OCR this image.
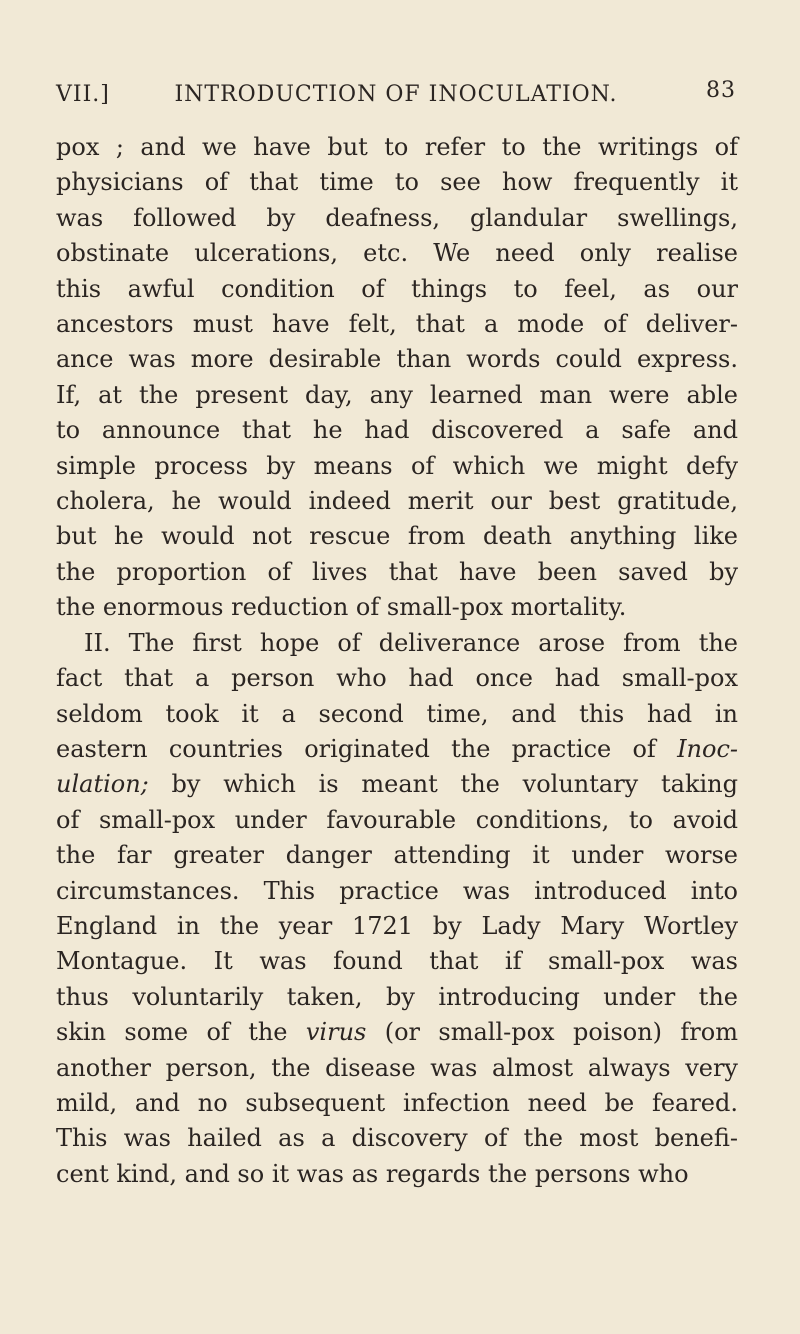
VII.]	INTRODUCTION OF INOCULATION.	83
pox ; and we have but to refer to the writings of
physicians of that time to see how frequently it
was followed by deafness, glandular swellings,
obstinate ulcerations, etc. We need only realise
this awful condition of things to feel, as our
ancestors must have felt, that a mode of deliver-
ance was more desirable than words could express.
If, at the present day, any learned man were able
to announce that he had discovered a safe and
simple process by means of which we might defy
cholera, he would indeed merit our best gratitude,
but he would not rescue from death anything like
the proportion of lives that have been saved by
the enormous reduction of small-pox mortality.
II. The first hope of deliverance arose from the
fact that a person who had once had small-pox
seldom took it a second time, and this had in
eastern countries originated the practice of Inoc-
ulation; by which is meant the voluntary taking
of small-pox under favourable conditions, to avoid
the far greater danger attending it under worse
circumstances. This practice was introduced into
England in the year 1721 by Lady Mary Wortley
Montague. It was found that if small-pox was
thus voluntarily taken, by introducing under the
skin some of the virus (or small-pox poison) from
another person, the disease was almost always very
mild, and no subsequent infection need be feared.
This was hailed as a discovery of the most benefi-
cent kind, and so it was as regards the persons who
